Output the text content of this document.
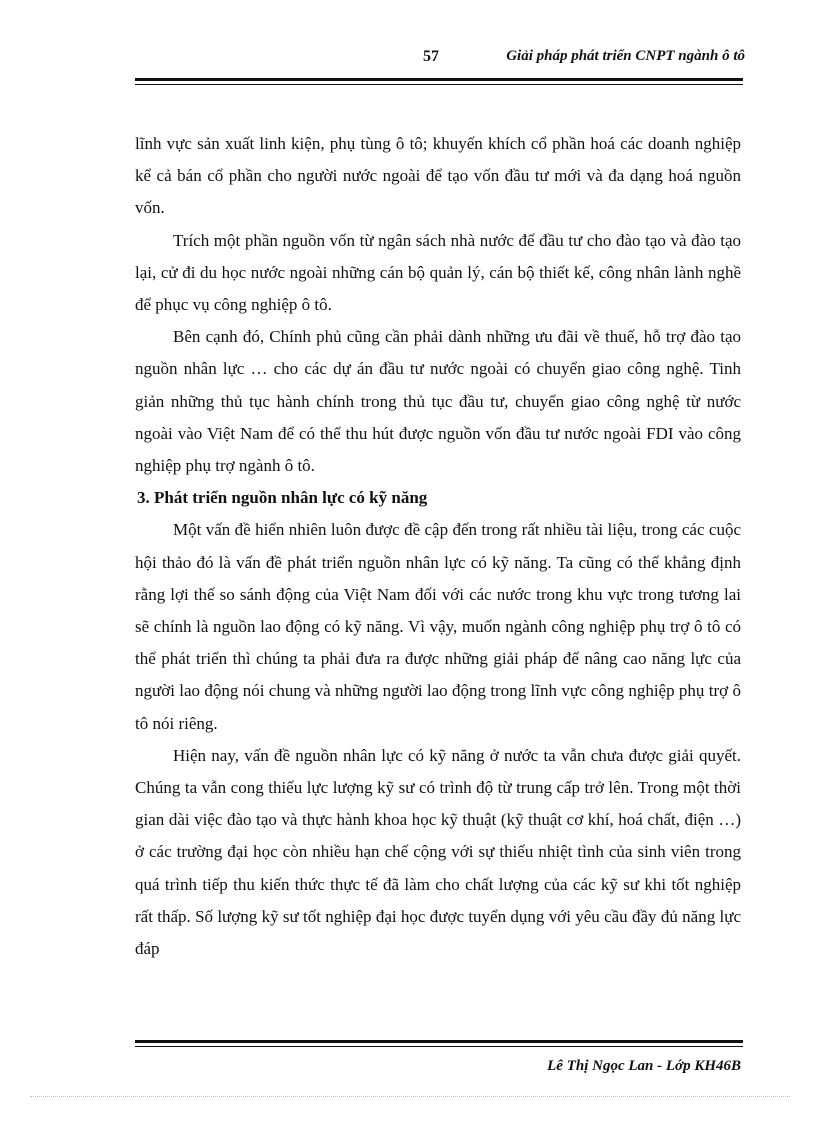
57	Giải pháp phát triển CNPT ngành ô tô

lĩnh vực sản xuất linh kiện, phụ tùng ô tô; khuyến khích cổ phần hoá các doanh nghiệp kể cả bán cổ phần cho người nước ngoài để tạo vốn đầu tư mới và đa dạng hoá nguồn vốn.

Trích một phần nguồn vốn từ ngân sách nhà nước để đầu tư cho đào tạo và đào tạo lại, cử đi du học nước ngoài những cán bộ quản lý, cán bộ thiết kế, công nhân lành nghề để phục vụ công nghiệp ô tô.

Bên cạnh đó, Chính phủ cũng cần phải dành những ưu đãi về thuế, hỗ trợ đào tạo nguồn nhân lực … cho các dự án đầu tư nước ngoài có chuyển giao công nghệ. Tinh giản những thủ tục hành chính trong thủ tục đầu tư, chuyển giao công nghệ từ nước ngoài vào Việt Nam để có thể thu hút được nguồn vốn đầu tư nước ngoài FDI vào công nghiệp phụ trợ ngành ô tô.

3. Phát triển nguồn nhân lực có kỹ năng

Một vấn đề hiển nhiên luôn được đề cập đến trong rất nhiều tài liệu, trong các cuộc hội thảo đó là vấn đề phát triển nguồn nhân lực có kỹ năng. Ta cũng có thể khẳng định rằng lợi thế so sánh động của Việt Nam đối với các nước trong khu vực trong tương lai sẽ chính là nguồn lao động có kỹ năng. Vì vậy, muốn ngành công nghiệp phụ trợ ô tô có thể phát triển thì chúng ta phải đưa ra được những giải pháp để nâng cao năng lực của người lao động nói chung và những người lao động trong lĩnh vực công nghiệp phụ trợ ô tô nói riêng.

Hiện nay, vấn đề nguồn nhân lực có kỹ năng ở nước ta vẫn chưa được giải quyết. Chúng ta vẫn cong thiếu lực lượng kỹ sư có trình độ từ trung cấp trở lên. Trong một thời gian dài việc đào tạo và thực hành khoa học kỹ thuật (kỹ thuật cơ khí, hoá chất, điện …) ở các trường đại học còn nhiều hạn chế cộng với sự thiếu nhiệt tình của sinh viên trong quá trình tiếp thu kiến thức thực tế đã làm cho chất lượng của các kỹ sư khi tốt nghiệp rất thấp. Số lượng kỹ sư tốt nghiệp đại học được tuyển dụng với yêu cầu đầy đủ năng lực đáp

Lê Thị Ngọc Lan - Lớp KH46B
